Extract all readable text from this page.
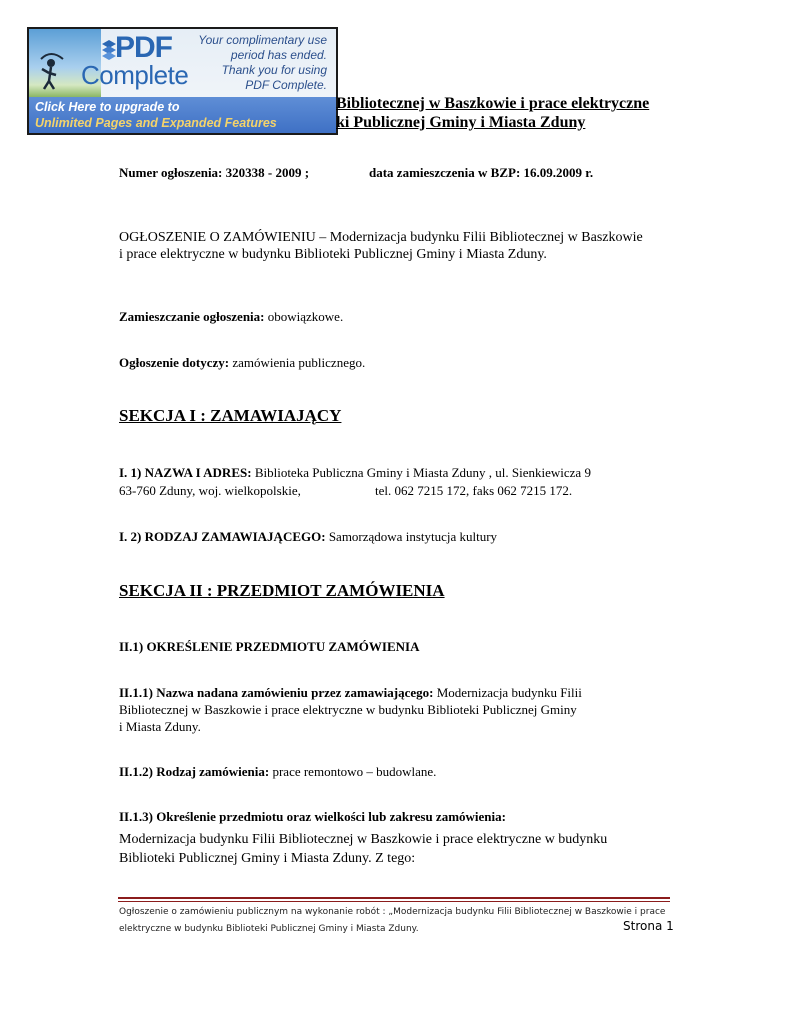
PDF
Complete
Your complimentary use period has ended. Thank you for using PDF Complete.
Click Here to upgrade to
Unlimited Pages and Expanded Features
Bibliotecznej w Baszkowie i prace elektryczne
ki Publicznej Gminy i Miasta Zduny
Numer ogłoszenia: 320338 - 2009 ;	data zamieszczenia w BZP: 16.09.2009 r.
OGŁOSZENIE O ZAMÓWIENIU – Modernizacja budynku Filii Bibliotecznej w Baszkowie
i prace elektryczne w budynku Biblioteki Publicznej Gminy i Miasta Zduny.
Zamieszczanie ogłoszenia: obowiązkowe.
Ogłoszenie dotyczy: zamówienia publicznego.
SEKCJA I : ZAMAWIAJĄCY
I. 1) NAZWA I ADRES: Biblioteka Publiczna Gminy i Miasta Zduny , ul. Sienkiewicza 9
63-760 Zduny, woj. wielkopolskie,	tel. 062 7215 172, faks 062 7215 172.
I. 2) RODZAJ ZAMAWIAJĄCEGO: Samorządowa instytucja kultury
SEKCJA II : PRZEDMIOT ZAMÓWIENIA
II.1) OKREŚLENIE PRZEDMIOTU ZAMÓWIENIA
II.1.1) Nazwa nadana zamówieniu przez zamawiającego: Modernizacja budynku Filii
Bibliotecznej w Baszkowie i prace elektryczne w budynku Biblioteki Publicznej Gminy
i Miasta Zduny.
II.1.2) Rodzaj zamówienia: prace remontowo – budowlane.
II.1.3) Określenie przedmiotu oraz wielkości lub zakresu zamówienia:
Modernizacja budynku Filii Bibliotecznej w Baszkowie i prace elektryczne w budynku
Biblioteki Publicznej Gminy i Miasta Zduny. Z tego:
Ogłoszenie o zamówieniu publicznym na wykonanie robót : „Modernizacja budynku Filii Bibliotecznej w Baszkowie i prace
elektryczne w budynku Biblioteki Publicznej Gminy i Miasta Zduny.	Strona 1
